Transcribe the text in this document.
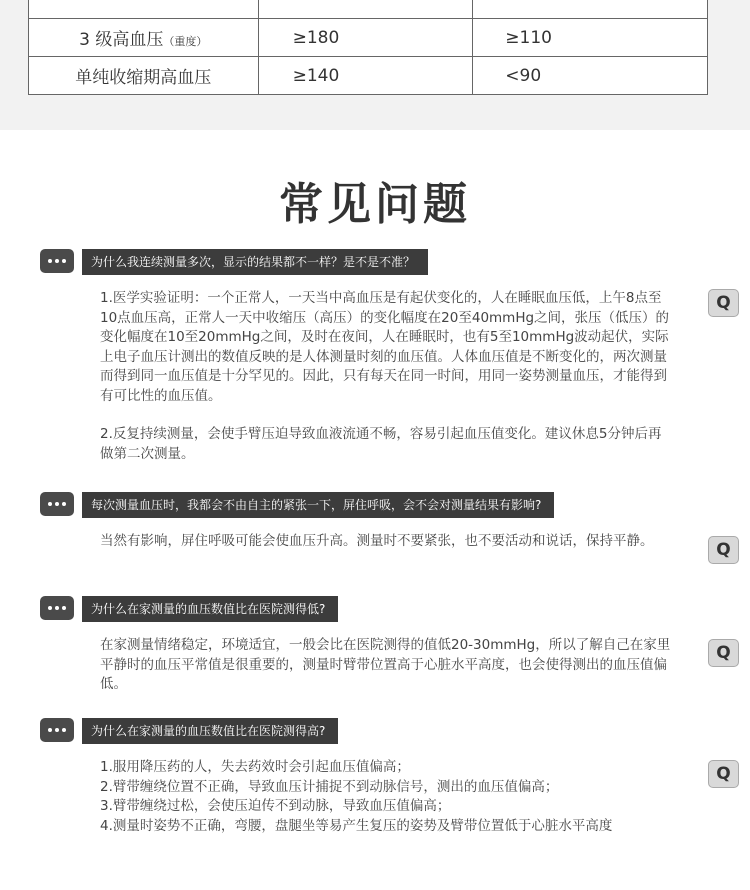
3 级高血压（重度）	≥180	≥110
单纯收缩期高血压	≥140	<90
常见问题
为什么我连续测量多次，显示的结果都不一样？是不是不准？

1.医学实验证明：一个正常人，一天当中高血压是有起伏变化的，人在睡眠血压低，上午8点至10点血压高，正常人一天中收缩压（高压）的变化幅度在20至40mmHg之间，张压（低压）的变化幅度在10至20mmHg之间，及时在夜间，人在睡眠时，也有5至10mmHg波动起伏，实际上电子血压计测出的数值反映的是人体测量时刻的血压值。人体血压值是不断变化的，两次测量而得到同一血压值是十分罕见的。因此，只有每天在同一时间，用同一姿势测量血压，才能得到有可比性的血压值。

2.反复持续测量，会使手臂压迫导致血液流通不畅，容易引起血压值变化。建议休息5分钟后再做第二次测量。

Q
每次测量血压时，我都会不由自主的紧张一下，屏住呼吸，会不会对测量结果有影响?

当然有影响，屏住呼吸可能会使血压升高。测量时不要紧张，也不要活动和说话，保持平静。	Q
为什么在家测量的血压数值比在医院测得低?

在家测量情绪稳定，环境适宜，一般会比在医院测得的值低20-30mmHg，所以了解自己在家里平静时的血压平常值是很重要的，测量时臂带位置高于心脏水平高度，也会使得测出的血压值偏低。

Q
为什么在家测量的血压数值比在医院测得高?

1.服用降压药的人，失去药效时会引起血压值偏高；

2.臂带缠绕位置不正确，导致血压计捕捉不到动脉信号，测出的血压值偏高；
3.臂带缠绕过松，会使压迫传不到动脉，导致血压值偏高；
4.测量时姿势不正确，弯腰，盘腿坐等易产生复压的姿势及臂带位置低于心脏水平高度
Q
